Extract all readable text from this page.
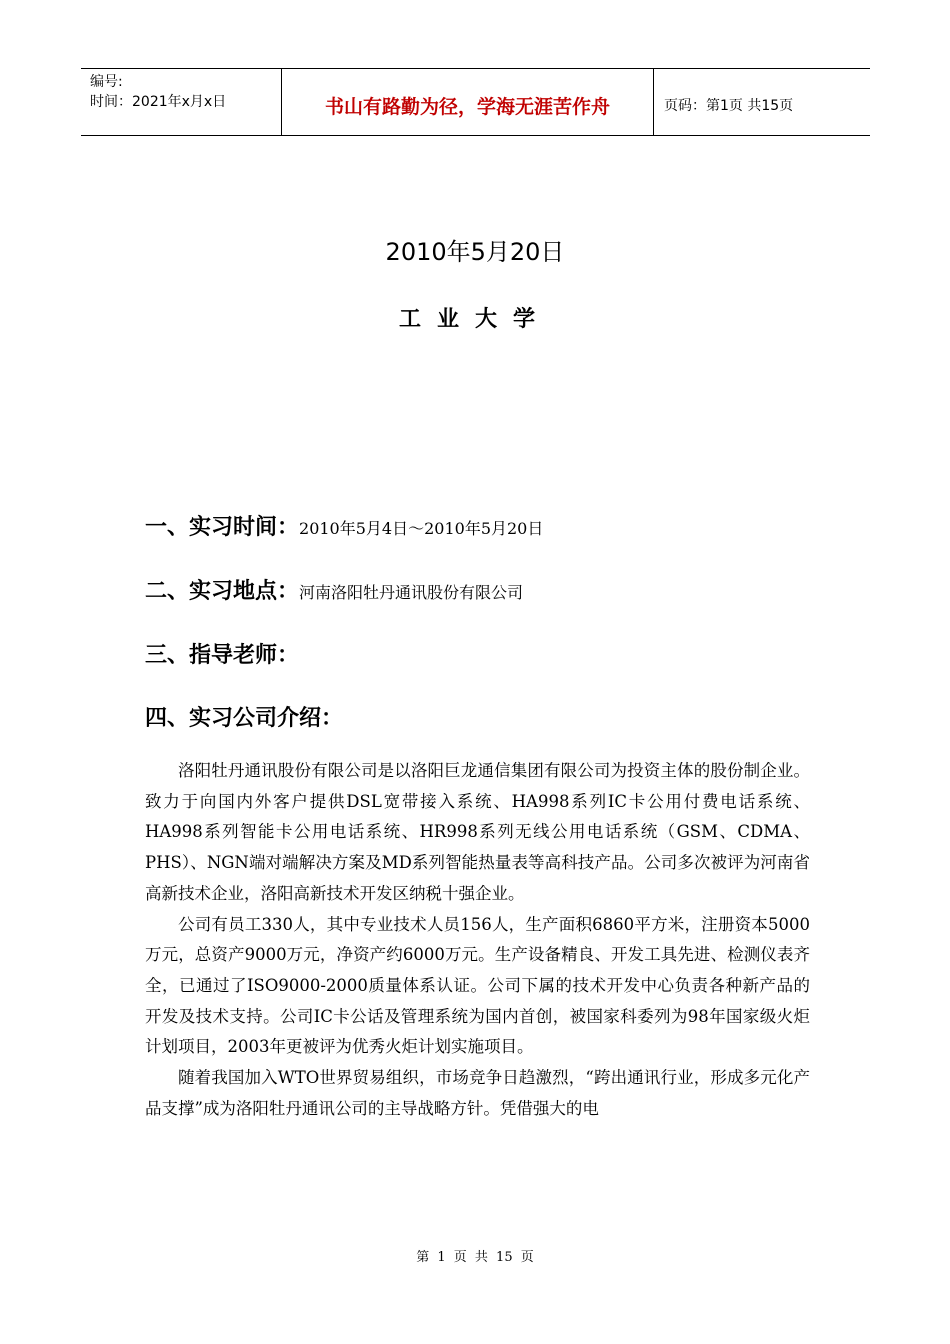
编号:
时间：2021年x月x日	书山有路勤为径，学海无涯苦作舟	页码：第1页 共15页
2010年5月20日
工业大学
一、实习时间：2010年5月4日～2010年5月20日
二、实习地点：河南洛阳牡丹通讯股份有限公司
三、指导老师：
四、实习公司介绍：

洛阳牡丹通讯股份有限公司是以洛阳巨龙通信集团有限公司为投资主体的股份制企业。致力于向国内外客户提供DSL宽带接入系统、HA998系列IC卡公用付费电话系统、HA998系列智能卡公用电话系统、HR998系列无线公用电话系统（GSM、CDMA、PHS）、NGN端对端解决方案及MD系列智能热量表等高科技产品。公司多次被评为河南省高新技术企业，洛阳高新技术开发区纳税十强企业。

公司有员工330人，其中专业技术人员156人，生产面积6860平方米，注册资本5000万元，总资产9000万元，净资产约6000万元。生产设备精良、开发工具先进、检测仪表齐全，已通过了ISO9000-2000质量体系认证。公司下属的技术开发中心负责各种新产品的开发及技术支持。公司IC卡公话及管理系统为国内首创，被国家科委列为98年国家级火炬计划项目，2003年更被评为优秀火炬计划实施项目。

随着我国加入WTO世界贸易组织，市场竞争日趋激烈，“跨出通讯行业，形成多元化产品支撑”成为洛阳牡丹通讯公司的主导战略方针。凭借强大的电

第 1 页 共 15 页
